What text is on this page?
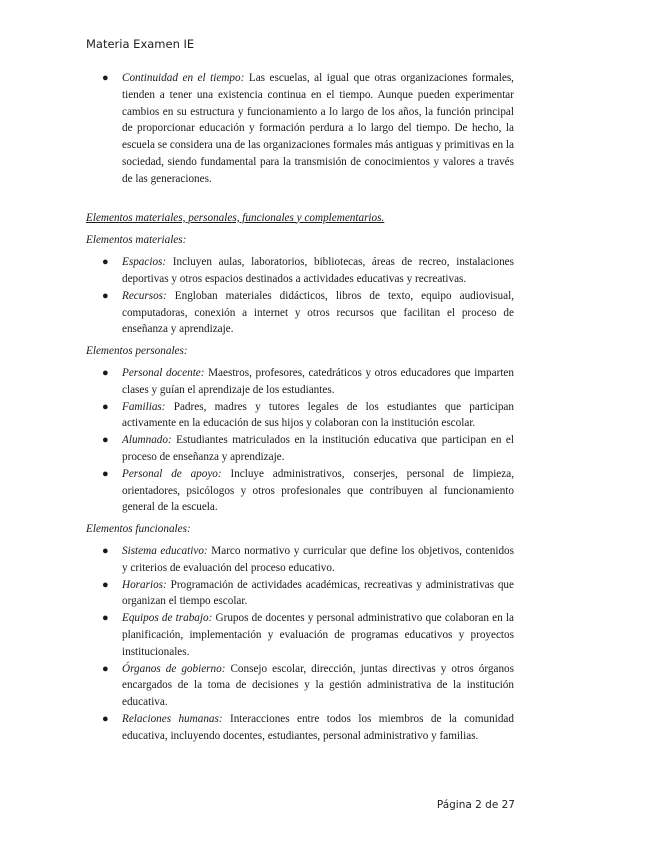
Materia Examen IE
● Continuidad en el tiempo: Las escuelas, al igual que otras organizaciones formales, tienden a tener una existencia continua en el tiempo. Aunque pueden experimentar cambios en su estructura y funcionamiento a lo largo de los años, la función principal de proporcionar educación y formación perdura a lo largo del tiempo. De hecho, la escuela se considera una de las organizaciones formales más antiguas y primitivas en la sociedad, siendo fundamental para la transmisión de conocimientos y valores a través de las generaciones.

Elementos materiales, personales, funcionales y complementarios.

Elementos materiales:

● Espacios: Incluyen aulas, laboratorios, bibliotecas, áreas de recreo, instalaciones deportivas y otros espacios destinados a actividades educativas y recreativas.
● Recursos: Engloban materiales didácticos, libros de texto, equipo audiovisual, computadoras, conexión a internet y otros recursos que facilitan el proceso de enseñanza y aprendizaje.

Elementos personales:

● Personal docente: Maestros, profesores, catedráticos y otros educadores que imparten clases y guían el aprendizaje de los estudiantes.
● Familias: Padres, madres y tutores legales de los estudiantes que participan activamente en la educación de sus hijos y colaboran con la institución escolar.
● Alumnado: Estudiantes matriculados en la institución educativa que participan en el proceso de enseñanza y aprendizaje.
● Personal de apoyo: Incluye administrativos, conserjes, personal de limpieza, orientadores, psicólogos y otros profesionales que contribuyen al funcionamiento general de la escuela.

Elementos funcionales:

● Sistema educativo: Marco normativo y curricular que define los objetivos, contenidos y criterios de evaluación del proceso educativo.
● Horarios: Programación de actividades académicas, recreativas y administrativas que organizan el tiempo escolar.
● Equipos de trabajo: Grupos de docentes y personal administrativo que colaboran en la planificación, implementación y evaluación de programas educativos y proyectos institucionales.
● Órganos de gobierno: Consejo escolar, dirección, juntas directivas y otros órganos encargados de la toma de decisiones y la gestión administrativa de la institución educativa.
● Relaciones humanas: Interacciones entre todos los miembros de la comunidad educativa, incluyendo docentes, estudiantes, personal administrativo y familias.
Página 2 de 27
